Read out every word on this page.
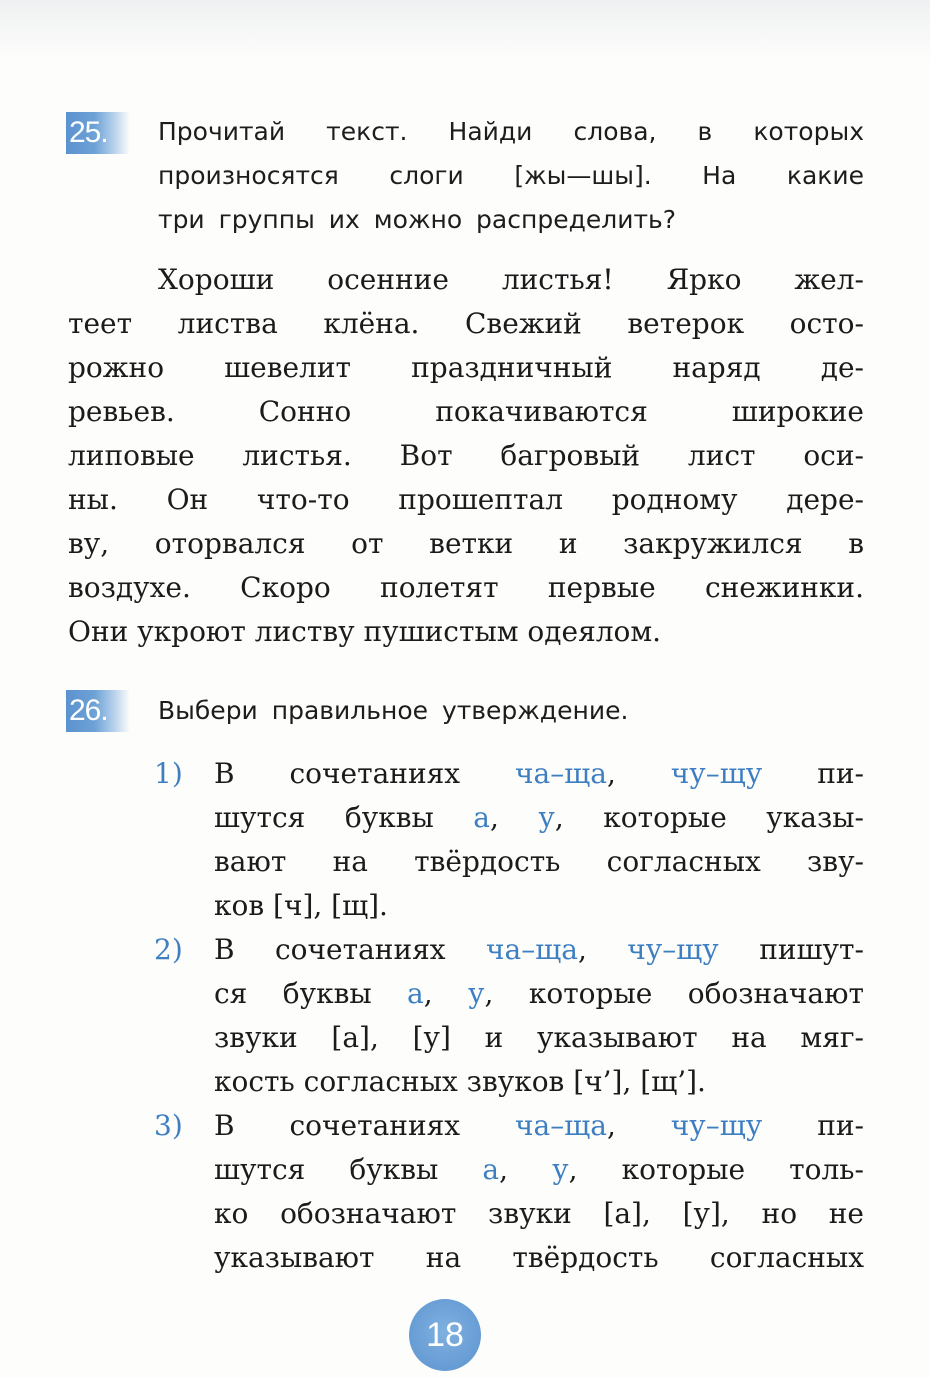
25.	Прочитай текст. Найди слова, в которых
произносятся слоги [жы—шы]. На какие
три группы их можно распределить?
Хороши осенние листья! Ярко жел-
теет листва клёна. Свежий ветерок осто-
рожно шевелит праздничный наряд де-
ревьев. Сонно покачиваются широкие
липовые листья. Вот багровый лист оси-
ны. Он что-то прошептал родному дере-
ву, оторвался от ветки и закружился в
воздухе. Скоро полетят первые снежинки.
Они укроют листву пушистым одеялом.
26.	Выбери правильное утверждение.
1) В сочетаниях ча–ща, чу–щу пи-
шутся буквы а, у, которые указы-
вают на твёрдость согласных зву-
ков [ч], [щ].
2) В сочетаниях ча–ща, чу–щу пишут-
ся буквы а, у, которые обозначают
звуки [а], [у] и указывают на мяг-
кость согласных звуков [ч’], [щ’].
3) В сочетаниях ча–ща, чу–щу пи-
шутся буквы а, у, которые толь-
ко обозначают звуки [а], [у], но не
указывают на твёрдость согласных
18
